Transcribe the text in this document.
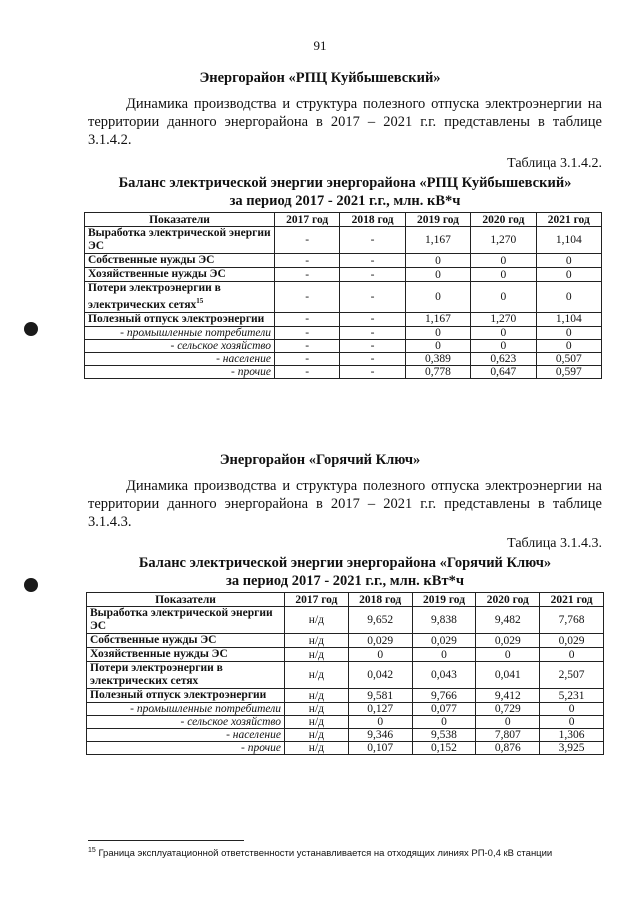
91
Энергорайон «РПЦ Куйбышевский»
Динамика производства и структура полезного отпуска электроэнергии на территории данного энергорайона в 2017 – 2021 г.г. представлены в таблице 3.1.4.2.
Таблица 3.1.4.2.
Баланс электрической энергии энергорайона «РПЦ Куйбышевский»
за период 2017 - 2021 г.г., млн. кВ*ч
Показатели	2017 год	2018 год	2019 год	2020 год	2021 год
Выработка электрической энергии ЭС	-	-	1,167	1,270	1,104
Собственные нужды ЭС	-	-	0	0	0
Хозяйственные нужды ЭС	-	-	0	0	0
Потери электроэнергии в электрических сетях$^{15}$	-	-	0	0	0
Полезный отпуск электроэнергии	-	-	1,167	1,270	1,104
- промышленные потребители	-	-	0	0	0
- сельское хозяйство	-	-	0	0	0
- население	-	-	0,389	0,623	0,507
- прочие	-	-	0,778	0,647	0,597
Энергорайон «Горячий Ключ»
Динамика производства и структура полезного отпуска электроэнергии на территории данного энергорайона в 2017 – 2021 г.г. представлены в таблице 3.1.4.3.
Таблица 3.1.4.3.
Баланс электрической энергии энергорайона «Горячий Ключ»
за период 2017 - 2021 г.г., млн. кВт*ч
Показатели	2017 год	2018 год	2019 год	2020 год	2021 год
Выработка электрической энергии ЭС	н/д	9,652	9,838	9,482	7,768
Собственные нужды ЭС	н/д	0,029	0,029	0,029	0,029
Хозяйственные нужды ЭС	н/д	0	0	0	0
Потери электроэнергии в электрических сетях	н/д	0,042	0,043	0,041	2,507
Полезный отпуск электроэнергии	н/д	9,581	9,766	9,412	5,231
- промышленные потребители	н/д	0,127	0,077	0,729	0
- сельское хозяйство	н/д	0	0	0	0
- население	н/д	9,346	9,538	7,807	1,306
- прочие	н/д	0,107	0,152	0,876	3,925
$^{15}$ Граница эксплуатационной ответственности устанавливается на отходящих линиях РП-0,4 кВ станции
